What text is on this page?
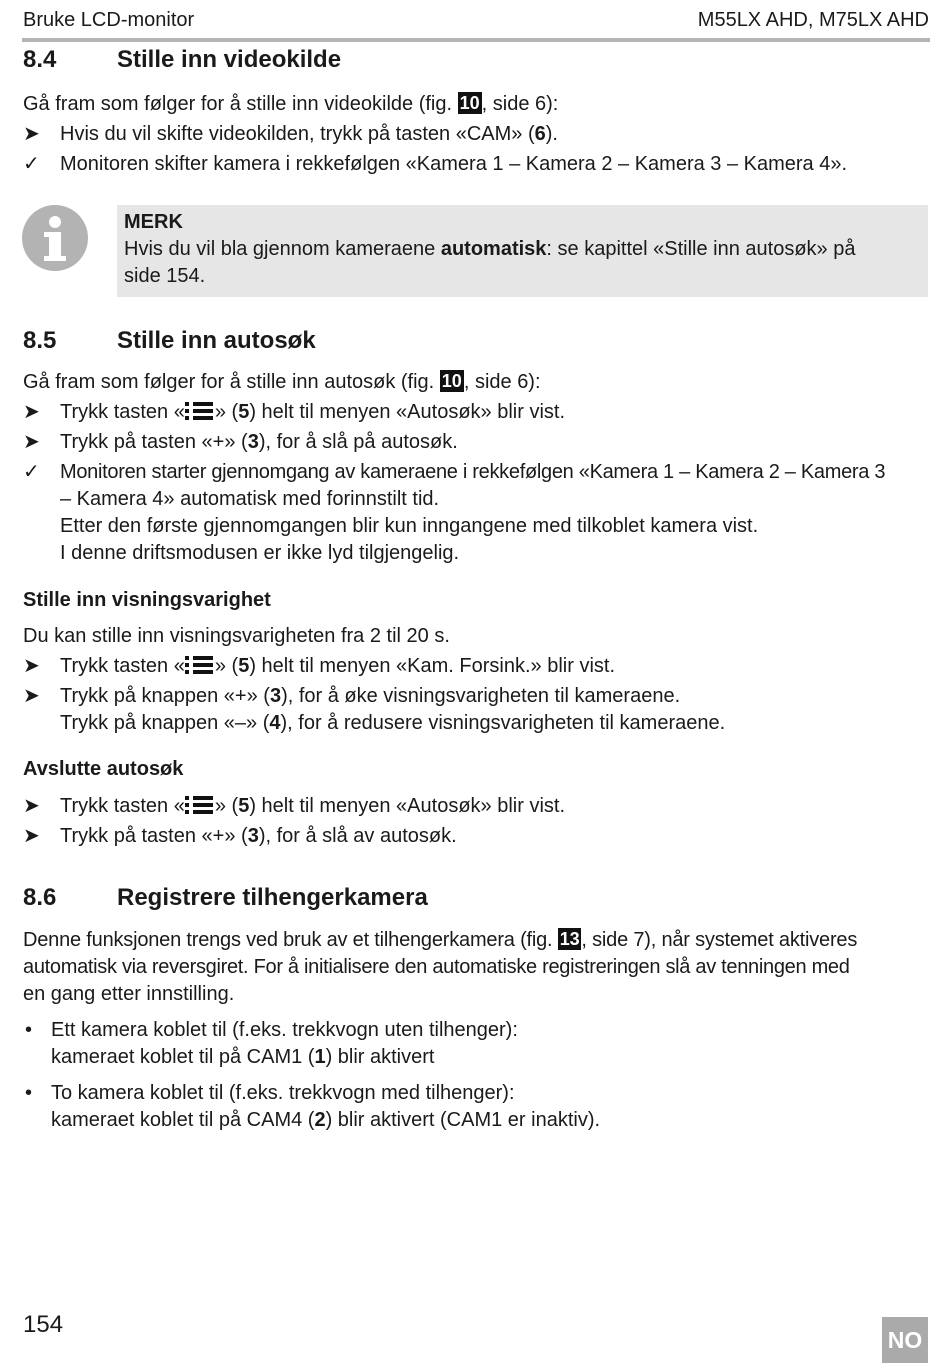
Bruke LCD-monitor	M55LX AHD, M75LX AHD
8.4	Stille inn videokilde
Gå fram som følger for å stille inn videokilde (fig. 10 , side 6):
➤	Hvis du vil skifte videokilden, trykk på tasten «CAM» (6).
✓	Monitoren skifter kamera i rekkefølgen «Kamera 1 – Kamera 2 – Kamera 3 – Kamera 4».
MERK
Hvis du vil bla gjennom kameraene automatisk: se kapittel «Stille inn autosøk» på
side 154.
8.5	Stille inn autosøk
Gå fram som følger for å stille inn autosøk (fig. 10 , side 6):
➤	Trykk tasten « » (5) helt til menyen «Autosøk» blir vist.
➤	Trykk på tasten «+» (3), for å slå på autosøk.
✓	Monitoren starter gjennomgang av kameraene i rekkefølgen «Kamera 1 – Kamera 2 – Kamera 3
– Kamera 4» automatisk med forinnstilt tid.
Etter den første gjennomgangen blir kun inngangene med tilkoblet kamera vist.
I denne driftsmodusen er ikke lyd tilgjengelig.
Stille inn visningsvarighet
Du kan stille inn visningsvarigheten fra 2 til 20 s.
➤	Trykk tasten « » (5) helt til menyen «Kam. Forsink.» blir vist.
➤	Trykk på knappen «+» (3), for å øke visningsvarigheten til kameraene.
Trykk på knappen «–» (4), for å redusere visningsvarigheten til kameraene.
Avslutte autosøk
➤	Trykk tasten « » (5) helt til menyen «Autosøk» blir vist.
➤	Trykk på tasten «+» (3), for å slå av autosøk.
8.6	Registrere tilhengerkamera
Denne funksjonen trengs ved bruk av et tilhengerkamera (fig. 13 , side 7), når systemet aktiveres
automatisk via reversgiret. For å initialisere den automatiske registreringen slå av tenningen med
en gang etter innstilling.
• Ett kamera koblet til (f.eks. trekkvogn uten tilhenger):
kameraet koblet til på CAM1 (1) blir aktivert
• To kamera koblet til (f.eks. trekkvogn med tilhenger):
kameraet koblet til på CAM4 (2) blir aktivert (CAM1 er inaktiv).
154
NO
